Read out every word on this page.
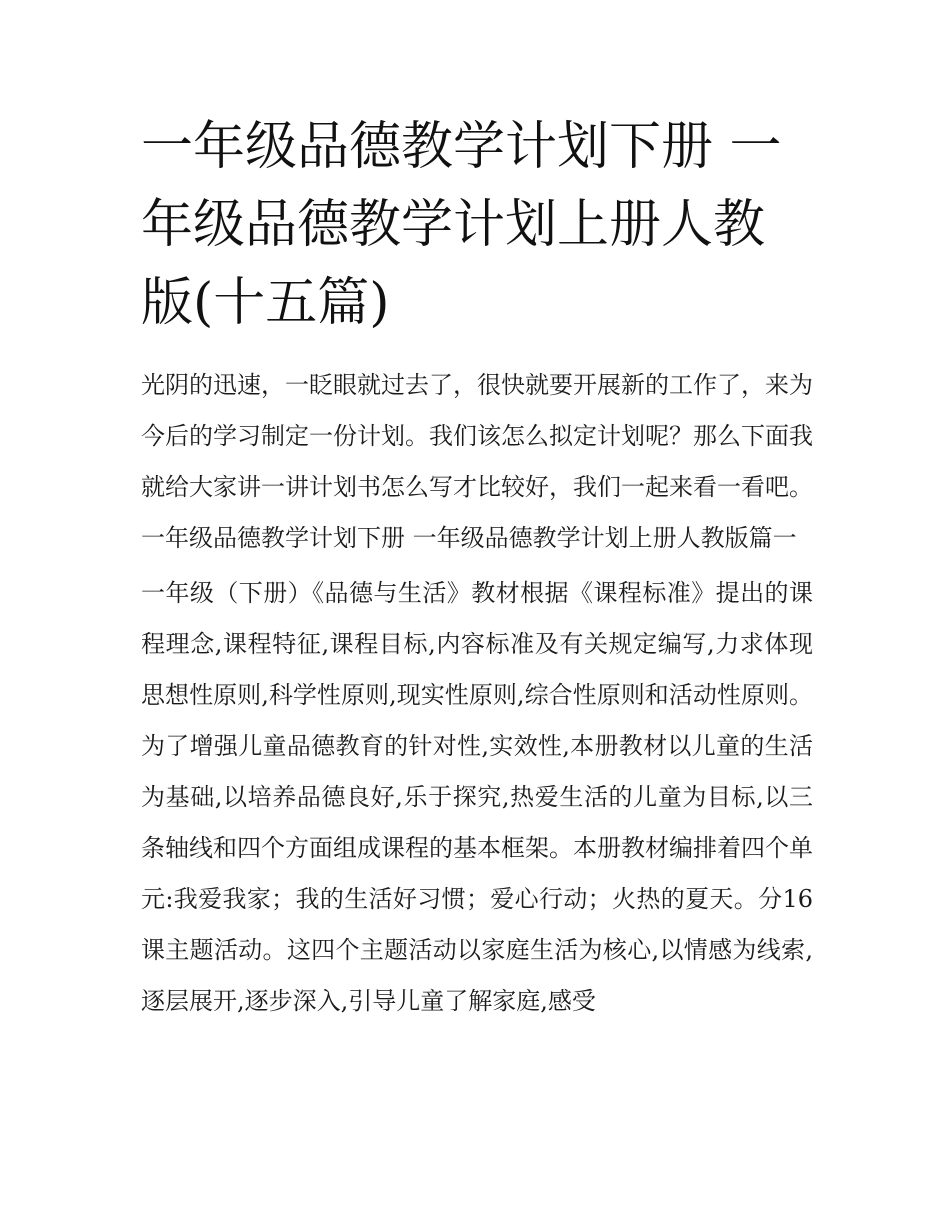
一年级品德教学计划下册 一年级品德教学计划上册人教版(十五篇)

光阴的迅速，一眨眼就过去了，很快就要开展新的工作了，来为今后的学习制定一份计划。我们该怎么拟定计划呢？那么下面我就给大家讲一讲计划书怎么写才比较好，我们一起来看一看吧。

一年级品德教学计划下册 一年级品德教学计划上册人教版篇一

一年级（下册）《品德与生活》教材根据《课程标准》提出的课程理念,课程特征,课程目标,内容标准及有关规定编写,力求体现思想性原则,科学性原则,现实性原则,综合性原则和活动性原则。为了增强儿童品德教育的针对性,实效性,本册教材以儿童的生活为基础,以培养品德良好,乐于探究,热爱生活的儿童为目标,以三条轴线和四个方面组成课程的基本框架。本册教材编排着四个单元:我爱我家；我的生活好习惯；爱心行动；火热的夏天。分16课主题活动。这四个主题活动以家庭生活为核心,以情感为线索,逐层展开,逐步深入,引导儿童了解家庭,感受
